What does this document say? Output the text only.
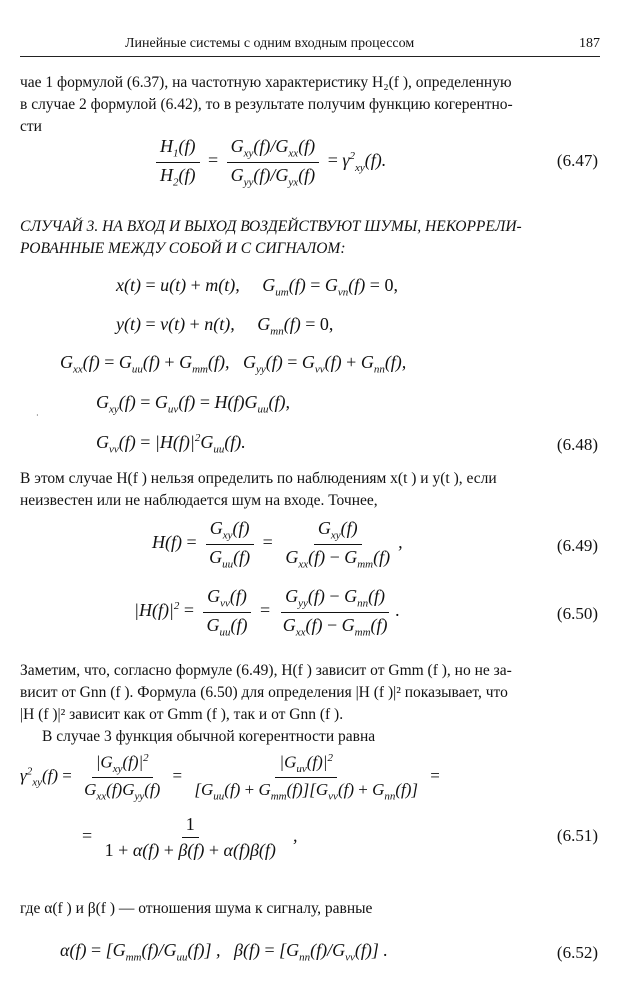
Линейные системы с одним входным процессом	187
чае 1 формулой (6.37), на частотную характеристику H₂(f ), определенную
в случае 2 формулой (6.42), то в результате получим функцию когерентно-
сти
$\frac{H_1(f)}{H_2(f)} = \frac{G_{xy}(f)/G_{xx}(f)}{G_{yy}(f)/G_{yx}(f)} = \gamma^2_{xy}(f)$.	(6.47)
СЛУЧАЙ 3. НА ВХОД И ВЫХОД ВОЗДЕЙСТВУЮТ ШУМЫ, НЕКОРРЕЛИ-
РОВАННЫЕ МЕЖДУ СОБОЙ И С СИГНАЛОМ:
x(t) = u(t) + m(t),     $G_{um}(f) = G_{vn}(f) = 0$,
y(t) = v(t) + n(t),     $G_{mn}(f) = 0$,
$G_{xx}(f) = G_{uu}(f) + G_{mm}(f)$,   $G_{yy}(f) = G_{vv}(f) + G_{nn}(f)$,
·
$G_{xy}(f) = G_{uv}(f) = H(f)G_{uu}(f)$,
$G_{vv}(f) = |H(f)|^2G_{uu}(f)$.	(6.48)
В этом случае H(f ) нельзя определить по наблюдениям x(t ) и y(t ), если
неизвестен или не наблюдается шум на входе. Точнее,
$H(f) = \frac{G_{xy}(f)}{G_{uu}(f)} = \frac{G_{xy}(f)}{G_{xx}(f) - G_{mm}(f)}$ ,	(6.49)
$|H(f)|^2 = \frac{G_{vv}(f)}{G_{uu}(f)} = \frac{G_{yy}(f) - G_{nn}(f)}{G_{xx}(f) - G_{mm}(f)}$ .	(6.50)
Заметим, что, согласно формуле (6.49), H(f ) зависит от Gmm (f ), но не за-
висит от Gnn (f ). Формула (6.50) для определения |H (f )|² показывает, что
|H (f )|² зависит как от Gmm (f ), так и от Gnn (f ).
В случае 3 функция обычной когерентности равна
$\gamma^2_{xy}(f) = \frac{|G_{xy}(f)|^2}{G_{xx}(f)G_{yy}(f)} = \frac{|G_{uv}(f)|^2}{[G_{uu}(f) + G_{mm}(f)][G_{vv}(f) + G_{nn}(f)]}$ =
= $\frac{1}{1 + \alpha(f) + \beta(f) + \alpha(f)\beta(f)}$ ,	(6.51)
где α(f ) и β(f ) — отношения шума к сигналу, равные
$\alpha(f) = [G_{mm}(f)/G_{uu}(f)]$ ,   $\beta(f) = [G_{nn}(f)/G_{vv}(f)]$ .	(6.52)
